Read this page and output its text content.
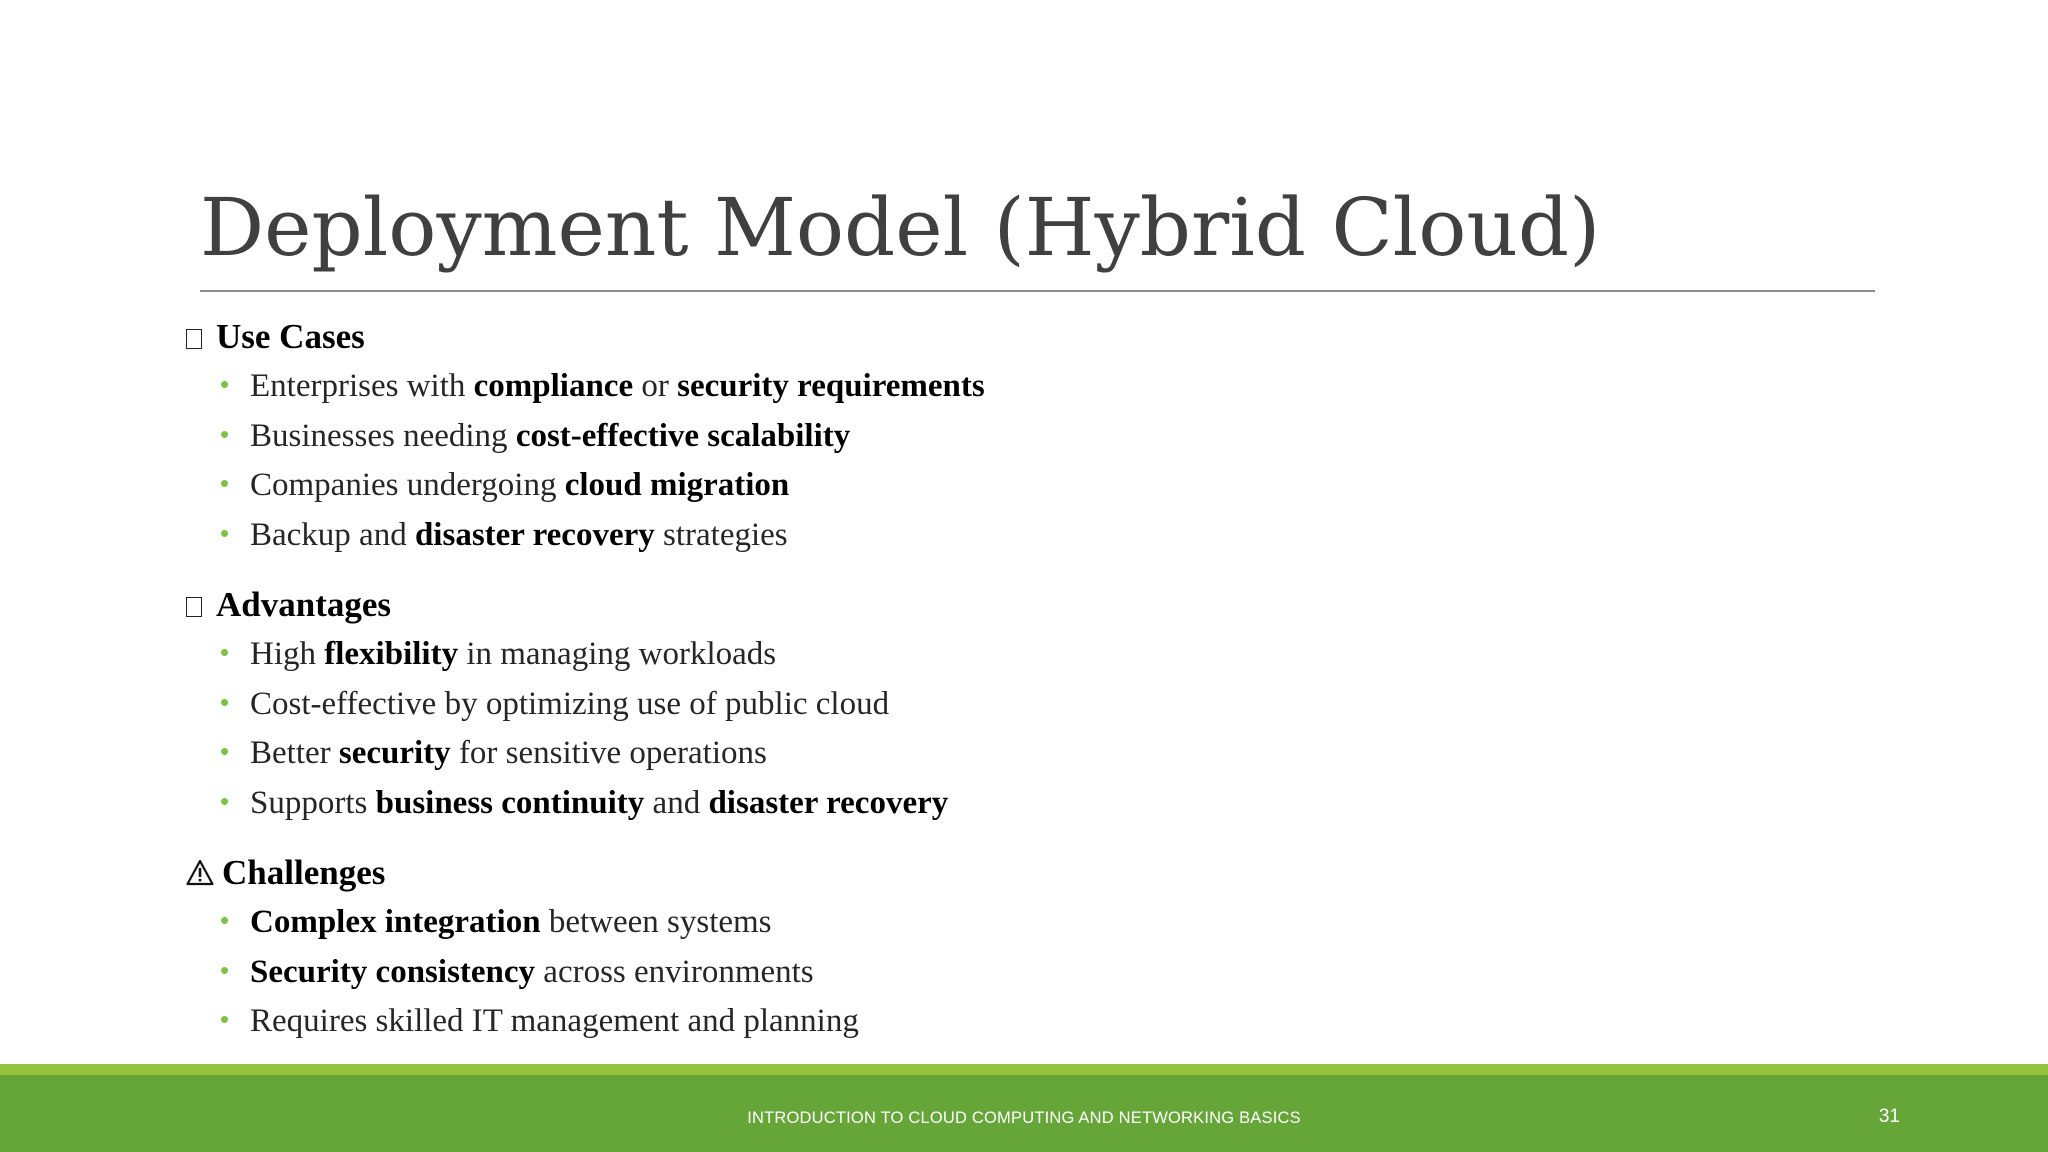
Deployment Model (Hybrid Cloud)
Use Cases
• Enterprises with compliance or security requirements
• Businesses needing cost-effective scalability
• Companies undergoing cloud migration
• Backup and disaster recovery strategies
Advantages
• High flexibility in managing workloads
• Cost-effective by optimizing use of public cloud
• Better security for sensitive operations
• Supports business continuity and disaster recovery
Challenges
• Complex integration between systems
• Security consistency across environments
• Requires skilled IT management and planning
INTRODUCTION TO CLOUD COMPUTING AND NETWORKING BASICS	31
